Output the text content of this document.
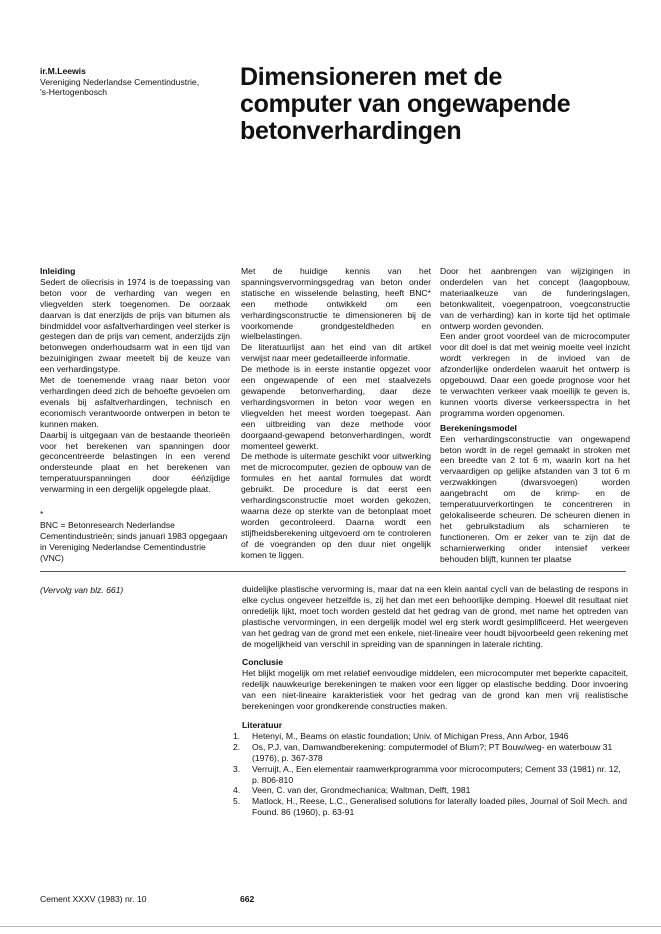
ir.M.Leewis
Vereniging Nederlandse Cementindustrie,
's-Hertogenbosch
Dimensioneren met de
computer van ongewapende
betonverhardingen
Inleiding

Sedert de oliecrisis in 1974 is de toepassing van beton voor de verharding van wegen en vliegvelden sterk toegenomen. De oorzaak daarvan is dat enerzijds de prijs van bitumen als bindmiddel voor asfaltverhardingen veel sterker is gestegen dan de prijs van cement, anderzijds zijn betonwegen onderhoudsarm wat in een tijd van bezuinigingen zwaar meetelt bij de keuze van een verhardingstype.

Met de toenemende vraag naar beton voor verhardingen deed zich de behoefte gevoelen om evenals bij asfaltverhardingen, technisch en economisch verantwoorde ontwerpen in beton te kunnen maken.

Daarbij is uitgegaan van de bestaande theorieën voor het berekenen van spanningen door geconcentreerde belastingen in een verend ondersteunde plaat en het berekenen van temperatuurspanningen door ééńzijdige verwarming in een dergelijk opgelegde plaat.

*

BNC = Betonresearch Nederlandse Cementindustrieën; sinds januari 1983 opgegaan in Vereniging Nederlandse Cementindustrie (VNC)

Met de huidige kennis van het spanningsvervormingsgedrag van beton onder statische en wisselende belasting, heeft BNC* een methode ontwikkeld om een verhardingsconstructie te dimensioneren bij de voorkomende grondgesteldheden en wielbelastingen.

De literatuurlijst aan het eind van dit artikel verwijst naar meer gedetailleerde informatie.

De methode is in eerste instantie opgezet voor een ongewapende of een met staalvezels gewapende betonverharding, daar deze verhardingsvormen in beton voor wegen en vliegvelden het meest worden toegepast. Aan een uitbreiding van deze methode voor doorgaand-gewapend betonverhardingen, wordt momenteel gewerkt.

De methode is uitermate geschikt voor uitwerking met de microcomputer, gezien de opbouw van de formules en het aantal formules dat wordt gebruikt. De procedure is dat eerst een verhardingsconstructie moet worden gekozen, waarna deze op sterkte van de betonplaat moet worden gecontroleerd. Daarna wordt een stijfheidsberekening uitgevoerd om te controleren of de voegranden op den duur niet ongelijk komen te liggen.

Door het aanbrengen van wijzigingen in onderdelen van het concept (laagopbouw, materiaalkeuze van de funderingslagen, betonkwaliteit, voegenpatroon, voegconstructie van de verharding) kan in korte tijd het optimale ontwerp worden gevonden.

Een ander groot voordeel van de microcomputer voor dit doel is dat met weinig moeite veel inzicht wordt verkregen in de invloed van de afzonderlijke onderdelen waaruit het ontwerp is opgebouwd. Daar een goede prognose voor het te verwachten verkeer vaak moeilijk te geven is, kunnen voorts diverse verkeersspectra in het programma worden opgenomen.

Berekeningsmodel

Een verhardingsconstructie van ongewapend beton wordt in de regel gemaakt in stroken met een breedte van 2 tot 6 m, waarin kort na het vervaardigen op gelijke afstanden van 3 tot 6 m verzwakkingen (dwarsvoegen) worden aangebracht om de krimp- en de temperatuurverkortingen te concentreren in gelokaliseerde scheuren. De scheuren dienen in het gebruikstadium als scharnieren te functioneren. Om er zeker van te zijn dat de scharnierwerking onder intensief verkeer behouden blijft, kunnen ter plaatse

(Vervolg van blz. 661)	duidelijke plastische vervorming is, maar dat na een klein aantal cycli van de belasting de respons in elke cyclus ongeveer hetzelfde is, zij het dan met een behoorlijke demping. Hoewel dit resultaat niet onredelijk lijkt, moet toch worden gesteld dat het gedrag van de grond, met name het optreden van plastische vervormingen, in een dergelijk model wel erg sterk wordt gesimplificeerd. Het weergeven van het gedrag van de grond met een enkele, niet-lineaire veer houdt bijvoorbeeld geen rekening met de mogelijkheid van verschil in spreiding van de spanningen in laterale richting.

Conclusie

Het blijkt mogelijk om met relatief eenvoudige middelen, een microcomputer met beperkte capaciteit, redelijk nauwkeurige berekeningen te maken voor een ligger op elastische bedding. Door invoering van een niet-lineaire karakteristiek voor het gedrag van de grond kan men vrij realistische berekeningen voor grondkerende constructies maken.

Literatuur
1. Hetenyi, M., Beams on elastic foundation; Univ. of Michigan Press, Ann Arbor, 1946
2. Os, P.J. van, Damwandberekening: computermodel of Blum?; PT Bouw/weg- en waterbouw 31 (1976), p. 367-378
3. Verruijt, A., Een elementair raamwerkprogramma voor microcomputers; Cement 33 (1981) nr. 12, p. 806-810
4. Veen, C. van der, Grondmechanica; Waltman, Delft, 1981
5. Matlock, H., Reese, L.C., Generalised solutions for laterally loaded piles, Journal of Soil Mech. and Found. 86 (1960), p. 63-91
Cement XXXV (1983) nr. 10	662
